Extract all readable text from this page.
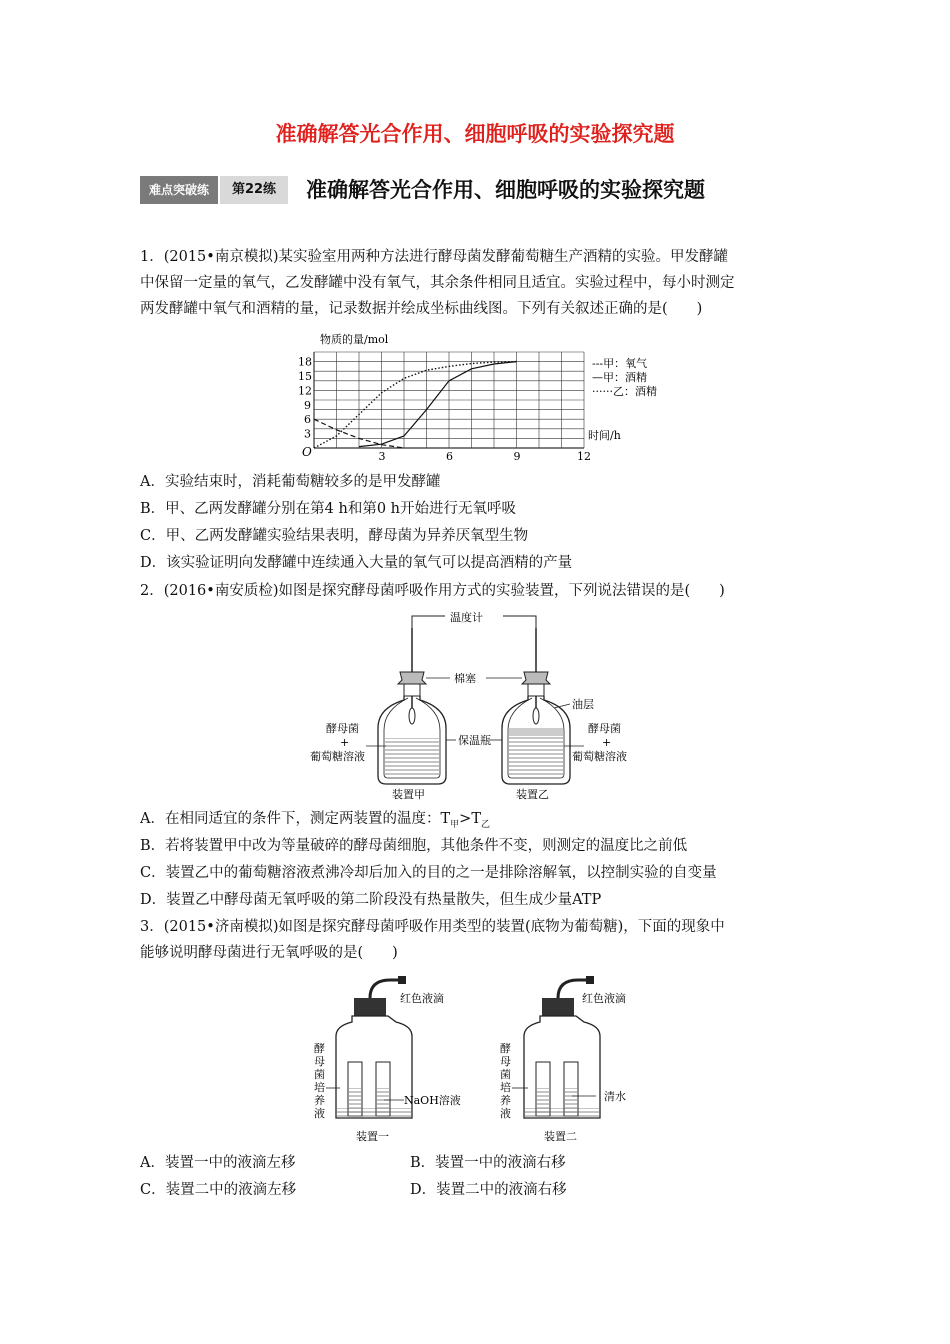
准确解答光合作用、细胞呼吸的实验探究题
难点突破练	第22练	准确解答光合作用、细胞呼吸的实验探究题
1．(2015•南京模拟)某实验室用两种方法进行酵母菌发酵葡萄糖生产酒精的实验。甲发酵罐
中保留一定量的氧气，乙发酵罐中没有氧气，其余条件相同且适宜。实验过程中，每小时测定
两发酵罐中氧气和酒精的量，记录数据并绘成坐标曲线图。下列有关叙述正确的是(　　)
物质的量/mol
时间/h
O	3	6	9	12
3
6
9
12
15
18	---甲：氧气
—甲：酒精
······乙：酒精
A．实验结束时，消耗葡萄糖较多的是甲发酵罐
B．甲、乙两发酵罐分别在第4 h和第0 h开始进行无氧呼吸
C．甲、乙两发酵罐实验结果表明，酵母菌为异养厌氧型生物
D．该实验证明向发酵罐中连续通入大量的氧气可以提高酒精的产量
2．(2016•南安质检)如图是探究酵母菌呼吸作用方式的实验装置，下列说法错误的是(　　)
温度计
棉塞
油层
保温瓶
酵母菌
+
葡萄糖溶液
酵母菌
+
葡萄糖溶液
装置甲	装置乙
A．在相同适宜的条件下，测定两装置的温度：$T_甲>T_乙$
B．若将装置甲中改为等量破碎的酵母菌细胞，其他条件不变，则测定的温度比之前低
C．装置乙中的葡萄糖溶液煮沸冷却后加入的目的之一是排除溶解氧，以控制实验的自变量
D．装置乙中酵母菌无氧呼吸的第二阶段没有热量散失，但生成少量ATP
3．(2015•济南模拟)如图是探究酵母菌呼吸作用类型的装置(底物为葡萄糖)，下面的现象中
能够说明酵母菌进行无氧呼吸的是(　　)
NaOH溶液
红色液滴
酵
母
菌
培
养
液
装置一
清水
红色液滴
酵
母
菌
培
养
液
装置二
A．装置一中的液滴左移	B．装置一中的液滴右移
C．装置二中的液滴左移	D．装置二中的液滴右移
